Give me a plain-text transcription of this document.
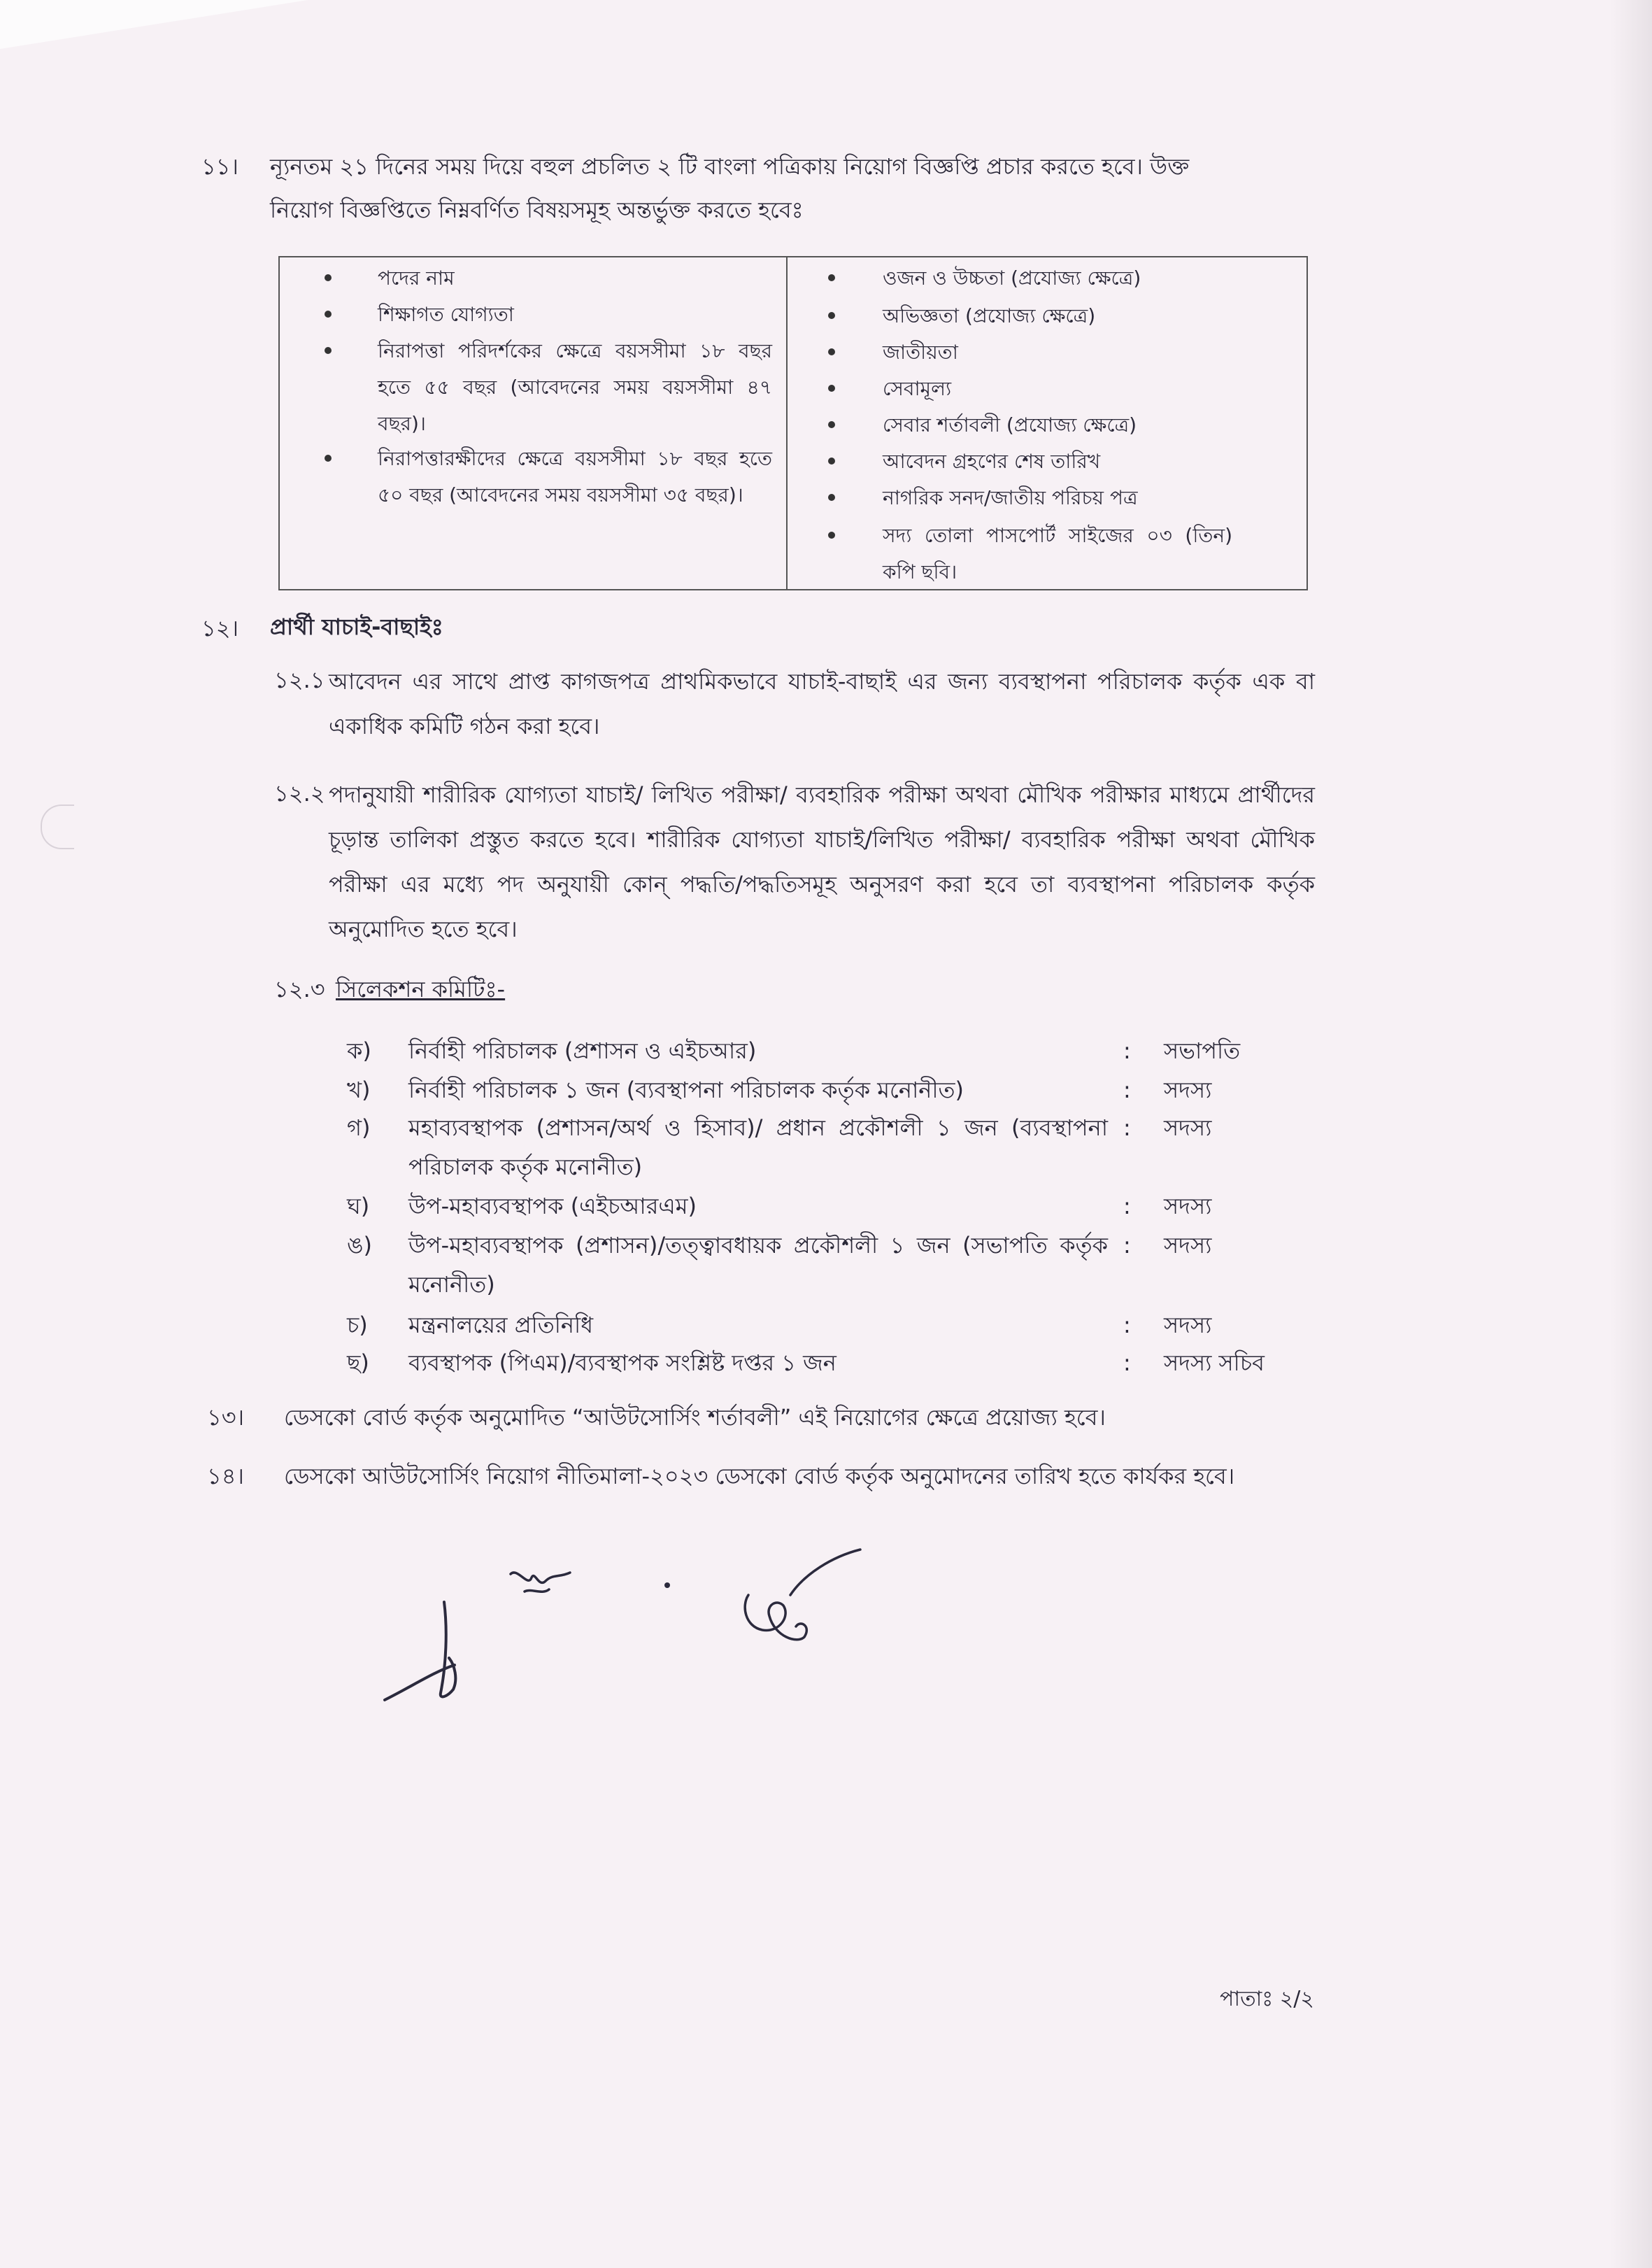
১১। ন্যূনতম ২১ দিনের সময় দিয়ে বহুল প্রচলিত ২ টি বাংলা পত্রিকায় নিয়োগ বিজ্ঞপ্তি প্রচার করতে হবে। উক্ত
নিয়োগ বিজ্ঞপ্তিতে নিম্নবর্ণিত বিষয়সমূহ অন্তর্ভুক্ত করতে হবেঃ
পদের নাম
শিক্ষাগত যোগ্যতা
নিরাপত্তা পরিদর্শকের ক্ষেত্রে বয়সসীমা ১৮ বছর হতে ৫৫ বছর (আবেদনের সময় বয়সসীমা ৪৭ বছর)।
নিরাপত্তারক্ষীদের ক্ষেত্রে বয়সসীমা ১৮ বছর হতে ৫০ বছর (আবেদনের সময় বয়সসীমা ৩৫ বছর)।
ওজন ও উচ্চতা (প্রযোজ্য ক্ষেত্রে)
অভিজ্ঞতা (প্রযোজ্য ক্ষেত্রে)
জাতীয়তা
সেবামূল্য
সেবার শর্তাবলী (প্রযোজ্য ক্ষেত্রে)
আবেদন গ্রহণের শেষ তারিখ
নাগরিক সনদ/জাতীয় পরিচয় পত্র
সদ্য তোলা পাসপোর্ট সাইজের ০৩ (তিন) কপি ছবি।
১২। প্রার্থী যাচাই-বাছাইঃ
১২.১ আবেদন এর সাথে প্রাপ্ত কাগজপত্র প্রাথমিকভাবে যাচাই-বাছাই এর জন্য ব্যবস্থাপনা পরিচালক কর্তৃক এক বা একাধিক কমিটি গঠন করা হবে।
১২.২ পদানুযায়ী শারীরিক যোগ্যতা যাচাই/ লিখিত পরীক্ষা/ ব্যবহারিক পরীক্ষা অথবা মৌখিক পরীক্ষার মাধ্যমে প্রার্থীদের চূড়ান্ত তালিকা প্রস্তুত করতে হবে। শারীরিক যোগ্যতা যাচাই/লিখিত পরীক্ষা/ ব্যবহারিক পরীক্ষা অথবা মৌখিক পরীক্ষা এর মধ্যে পদ অনুযায়ী কোন্ পদ্ধতি/পদ্ধতিসমূহ অনুসরণ করা হবে তা ব্যবস্থাপনা পরিচালক কর্তৃক অনুমোদিত হতে হবে।
১২.৩ সিলেকশন কমিটিঃ-
ক) নির্বাহী পরিচালক (প্রশাসন ও এইচআর)	: সভাপতি
খ) নির্বাহী পরিচালক ১ জন (ব্যবস্থাপনা পরিচালক কর্তৃক মনোনীত)	: সদস্য
গ) মহাব্যবস্থাপক (প্রশাসন/অর্থ ও হিসাব)/ প্রধান প্রকৌশলী ১ জন (ব্যবস্থাপনা পরিচালক কর্তৃক মনোনীত)
: সদস্য
ঘ) উপ-মহাব্যবস্থাপক (এইচআরএম)	: সদস্য
ঙ) উপ-মহাব্যবস্থাপক (প্রশাসন)/তত্ত্বাবধায়ক প্রকৌশলী ১ জন (সভাপতি কর্তৃক মনোনীত)
: সদস্য
চ) মন্ত্রনালয়ের প্রতিনিধি	: সদস্য
ছ) ব্যবস্থাপক (পিএম)/ব্যবস্থাপক সংশ্লিষ্ট দপ্তর ১ জন	: সদস্য সচিব
১৩। ডেসকো বোর্ড কর্তৃক অনুমোদিত “আউটসোর্সিং শর্তাবলী” এই নিয়োগের ক্ষেত্রে প্রয়োজ্য হবে।
১৪। ডেসকো আউটসোর্সিং নিয়োগ নীতিমালা-২০২৩ ডেসকো বোর্ড কর্তৃক অনুমোদনের তারিখ হতে কার্যকর হবে।
পাতাঃ ২/২
